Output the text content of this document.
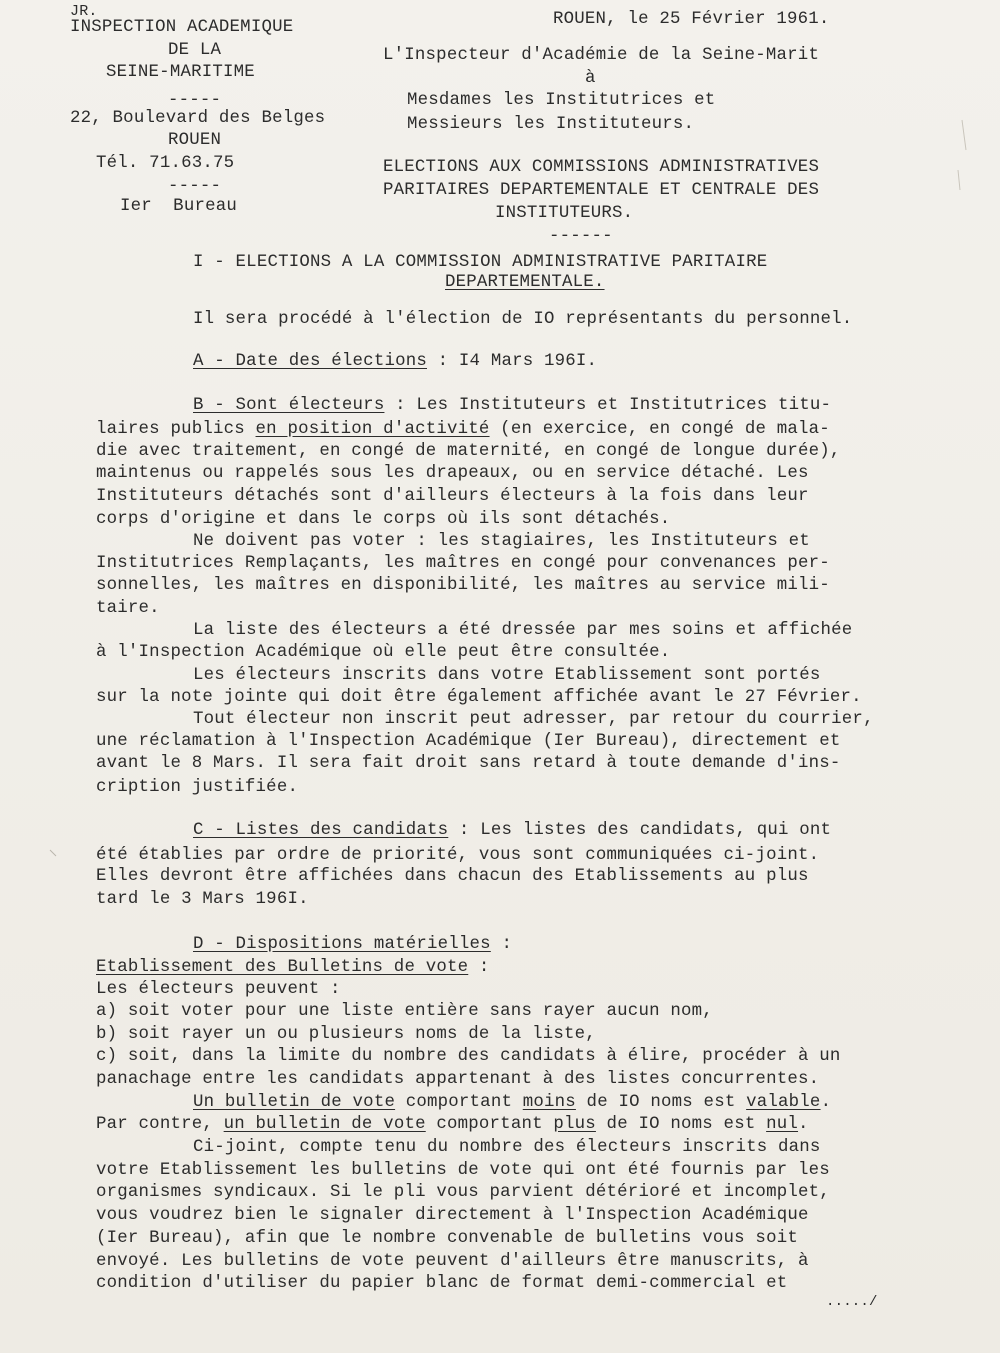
JR.
INSPECTION ACADEMIQUE
DE LA
SEINE-MARITIME
-----
22, Boulevard des Belges
ROUEN
Tél. 71.63.75
-----
Ier  Bureau
ROUEN, le 25 Février 1961.
L'Inspecteur d'Académie de la Seine-Marit
à
Mesdames les Institutrices et
Messieurs les Instituteurs.
ELECTIONS AUX COMMISSIONS ADMINISTRATIVES
PARITAIRES DEPARTEMENTALE ET CENTRALE DES
INSTITUTEURS.
------
I - ELECTIONS A LA COMMISSION ADMINISTRATIVE PARITAIRE
DEPARTEMENTALE.
Il sera procédé à l'élection de IO représentants du personnel.
A - Date des élections : I4 Mars 196I.
B - Sont électeurs : Les Instituteurs et Institutrices titu-
laires publics en position d'activité (en exercice, en congé de mala-
die avec traitement, en congé de maternité, en congé de longue durée),
maintenus ou rappelés sous les drapeaux, ou en service détaché. Les
Instituteurs détachés sont d'ailleurs électeurs à la fois dans leur
corps d'origine et dans le corps où ils sont détachés.
Ne doivent pas voter : les stagiaires, les Instituteurs et
Institutrices Remplaçants, les maîtres en congé pour convenances per-
sonnelles, les maîtres en disponibilité, les maîtres au service mili-
taire.
La liste des électeurs a été dressée par mes soins et affichée
à l'Inspection Académique où elle peut être consultée.
Les électeurs inscrits dans votre Etablissement sont portés
sur la note jointe qui doit être également affichée avant le 27 Février.
Tout électeur non inscrit peut adresser, par retour du courrier,
une réclamation à l'Inspection Académique (Ier Bureau), directement et
avant le 8 Mars. Il sera fait droit sans retard à toute demande d'ins-
cription justifiée.
C - Listes des candidats : Les listes des candidats, qui ont
été établies par ordre de priorité, vous sont communiquées ci-joint.
Elles devront être affichées dans chacun des Etablissements au plus
tard le 3 Mars 196I.
D - Dispositions matérielles :
Etablissement des Bulletins de vote :
Les électeurs peuvent :
a) soit voter pour une liste entière sans rayer aucun nom,
b) soit rayer un ou plusieurs noms de la liste,
c) soit, dans la limite du nombre des candidats à élire, procéder à un
panachage entre les candidats appartenant à des listes concurrentes.
Un bulletin de vote comportant moins de IO noms est valable.
Par contre, un bulletin de vote comportant plus de IO noms est nul.
Ci-joint, compte tenu du nombre des électeurs inscrits dans
votre Etablissement les bulletins de vote qui ont été fournis par les
organismes syndicaux. Si le pli vous parvient détérioré et incomplet,
vous voudrez bien le signaler directement à l'Inspection Académique
(Ier Bureau), afin que le nombre convenable de bulletins vous soit
envoyé. Les bulletins de vote peuvent d'ailleurs être manuscrits, à
condition d'utiliser du papier blanc de format demi-commercial et
...../
